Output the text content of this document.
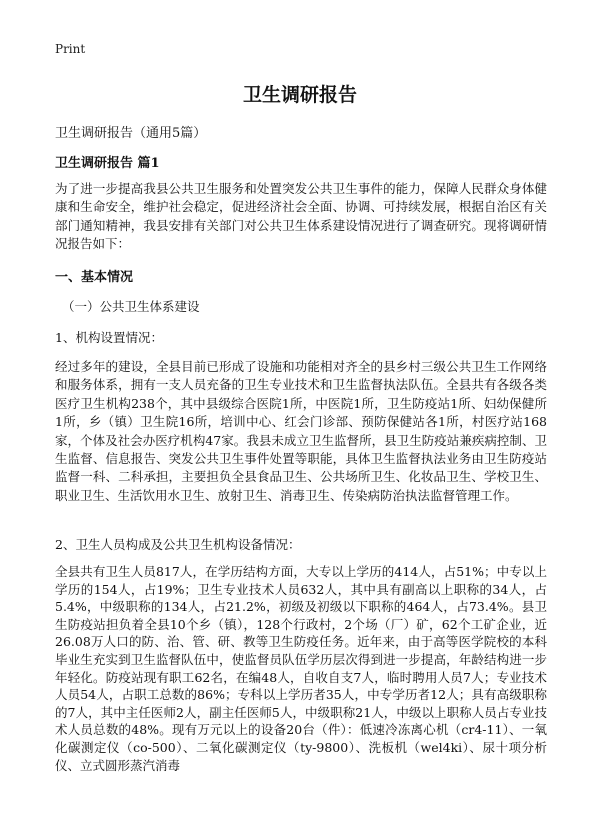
Print
卫生调研报告
卫生调研报告（通用5篇）
卫生调研报告 篇1

为了进一步提高我县公共卫生服务和处置突发公共卫生事件的能力，保障人民群众身体健康和生命安全，维护社会稳定，促进经济社会全面、协调、可持续发展，根据自治区有关部门通知精神，我县安排有关部门对公共卫生体系建设情况进行了调查研究。现将调研情况报告如下：

一、基本情况
（一）公共卫生体系建设
1、机构设置情况：

经过多年的建设，全县目前已形成了设施和功能相对齐全的县乡村三级公共卫生工作网络和服务体系，拥有一支人员充备的卫生专业技术和卫生监督执法队伍。全县共有各级各类医疗卫生机构238个，其中县级综合医院1所，中医院1所，卫生防疫站1所、妇幼保健所1所，乡（镇）卫生院16所，培训中心、红会门诊部、预防保健站各1所，村医疗站168家，个体及社会办医疗机构47家。我县未成立卫生监督所，县卫生防疫站兼疾病控制、卫生监督、信息报告、突发公共卫生事件处置等职能，具体卫生监督执法业务由卫生防疫站监督一科、二科承担，主要担负全县食品卫生、公共场所卫生、化妆品卫生、学校卫生、职业卫生、生活饮用水卫生、放射卫生、消毒卫生、传染病防治执法监督管理工作。

2、卫生人员构成及公共卫生机构设备情况：

全县共有卫生人员817人，在学历结构方面，大专以上学历的414人，占51%；中专以上学历的154人，占19%；卫生专业技术人员632人，其中具有副高以上职称的34人，占5.4%，中级职称的134人，占21.2%，初级及初级以下职称的464人，占73.4%。县卫生防疫站担负着全县10个乡（镇），128个行政村，2个场（厂）矿，62个工矿企业，近26.08万人口的防、治、管、研、教等卫生防疫任务。近年来，由于高等医学院校的本科毕业生充实到卫生监督队伍中，使监督员队伍学历层次得到进一步提高，年龄结构进一步年轻化。防疫站现有职工62名，在编48人，自收自支7人，临时聘用人员7人；专业技术人员54人，占职工总数的86%；专科以上学历者35人，中专学历者12人；具有高级职称的7人，其中主任医师2人，副主任医师5人，中级职称21人，中级以上职称人员占专业技术人员总数的48%。现有万元以上的设备20台（件）：低速冷冻离心机（cr4-11）、一氧化碳测定仪（co-500）、二氧化碳测定仪（ty-9800）、洗板机（wel4ki）、尿十项分析仪、立式圆形蒸汽消毒
